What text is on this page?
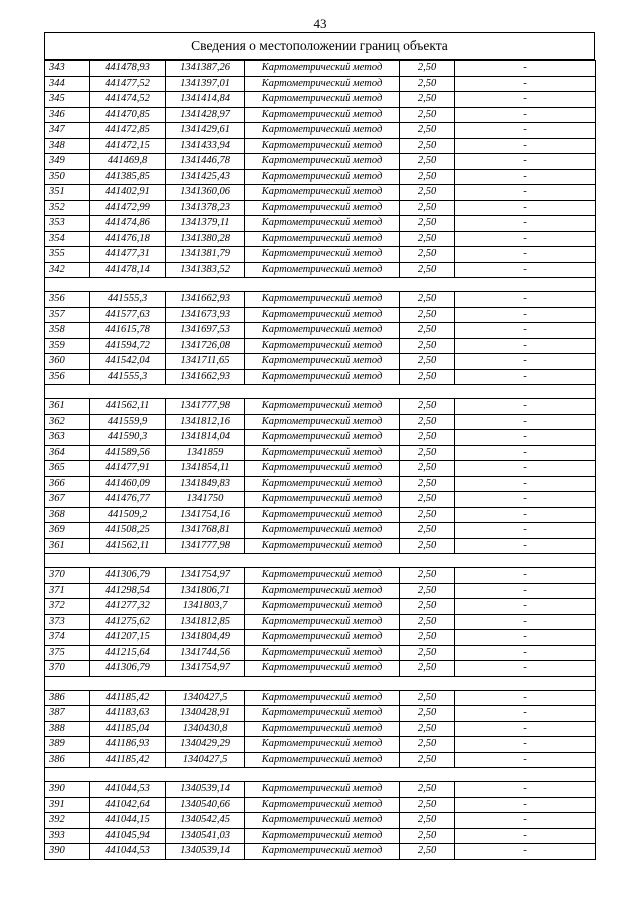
43
Сведения о местоположении границ объекта
343	441478,93	1341387,26	Картометрический метод	2,50	-
344	441477,52	1341397,01	Картометрический метод	2,50	-
345	441474,52	1341414,84	Картометрический метод	2,50	-
346	441470,85	1341428,97	Картометрический метод	2,50	-
347	441472,85	1341429,61	Картометрический метод	2,50	-
348	441472,15	1341433,94	Картометрический метод	2,50	-
349	441469,8	1341446,78	Картометрический метод	2,50	-
350	441385,85	1341425,43	Картометрический метод	2,50	-
351	441402,91	1341360,06	Картометрический метод	2,50	-
352	441472,99	1341378,23	Картометрический метод	2,50	-
353	441474,86	1341379,11	Картометрический метод	2,50	-
354	441476,18	1341380,28	Картометрический метод	2,50	-
355	441477,31	1341381,79	Картометрический метод	2,50	-
342	441478,14	1341383,52	Картометрический метод	2,50	-

356	441555,3	1341662,93	Картометрический метод	2,50	-
357	441577,63	1341673,93	Картометрический метод	2,50	-
358	441615,78	1341697,53	Картометрический метод	2,50	-
359	441594,72	1341726,08	Картометрический метод	2,50	-
360	441542,04	1341711,65	Картометрический метод	2,50	-
356	441555,3	1341662,93	Картометрический метод	2,50	-

361	441562,11	1341777,98	Картометрический метод	2,50	-
362	441559,9	1341812,16	Картометрический метод	2,50	-
363	441590,3	1341814,04	Картометрический метод	2,50	-
364	441589,56	1341859	Картометрический метод	2,50	-
365	441477,91	1341854,11	Картометрический метод	2,50	-
366	441460,09	1341849,83	Картометрический метод	2,50	-
367	441476,77	1341750	Картометрический метод	2,50	-
368	441509,2	1341754,16	Картометрический метод	2,50	-
369	441508,25	1341768,81	Картометрический метод	2,50	-
361	441562,11	1341777,98	Картометрический метод	2,50	-

370	441306,79	1341754,97	Картометрический метод	2,50	-
371	441298,54	1341806,71	Картометрический метод	2,50	-
372	441277,32	1341803,7	Картометрический метод	2,50	-
373	441275,62	1341812,85	Картометрический метод	2,50	-
374	441207,15	1341804,49	Картометрический метод	2,50	-
375	441215,64	1341744,56	Картометрический метод	2,50	-
370	441306,79	1341754,97	Картометрический метод	2,50	-

386	441185,42	1340427,5	Картометрический метод	2,50	-
387	441183,63	1340428,91	Картометрический метод	2,50	-
388	441185,04	1340430,8	Картометрический метод	2,50	-
389	441186,93	1340429,29	Картометрический метод	2,50	-
386	441185,42	1340427,5	Картометрический метод	2,50	-

390	441044,53	1340539,14	Картометрический метод	2,50	-
391	441042,64	1340540,66	Картометрический метод	2,50	-
392	441044,15	1340542,45	Картометрический метод	2,50	-
393	441045,94	1340541,03	Картометрический метод	2,50	-
390	441044,53	1340539,14	Картометрический метод	2,50	-
